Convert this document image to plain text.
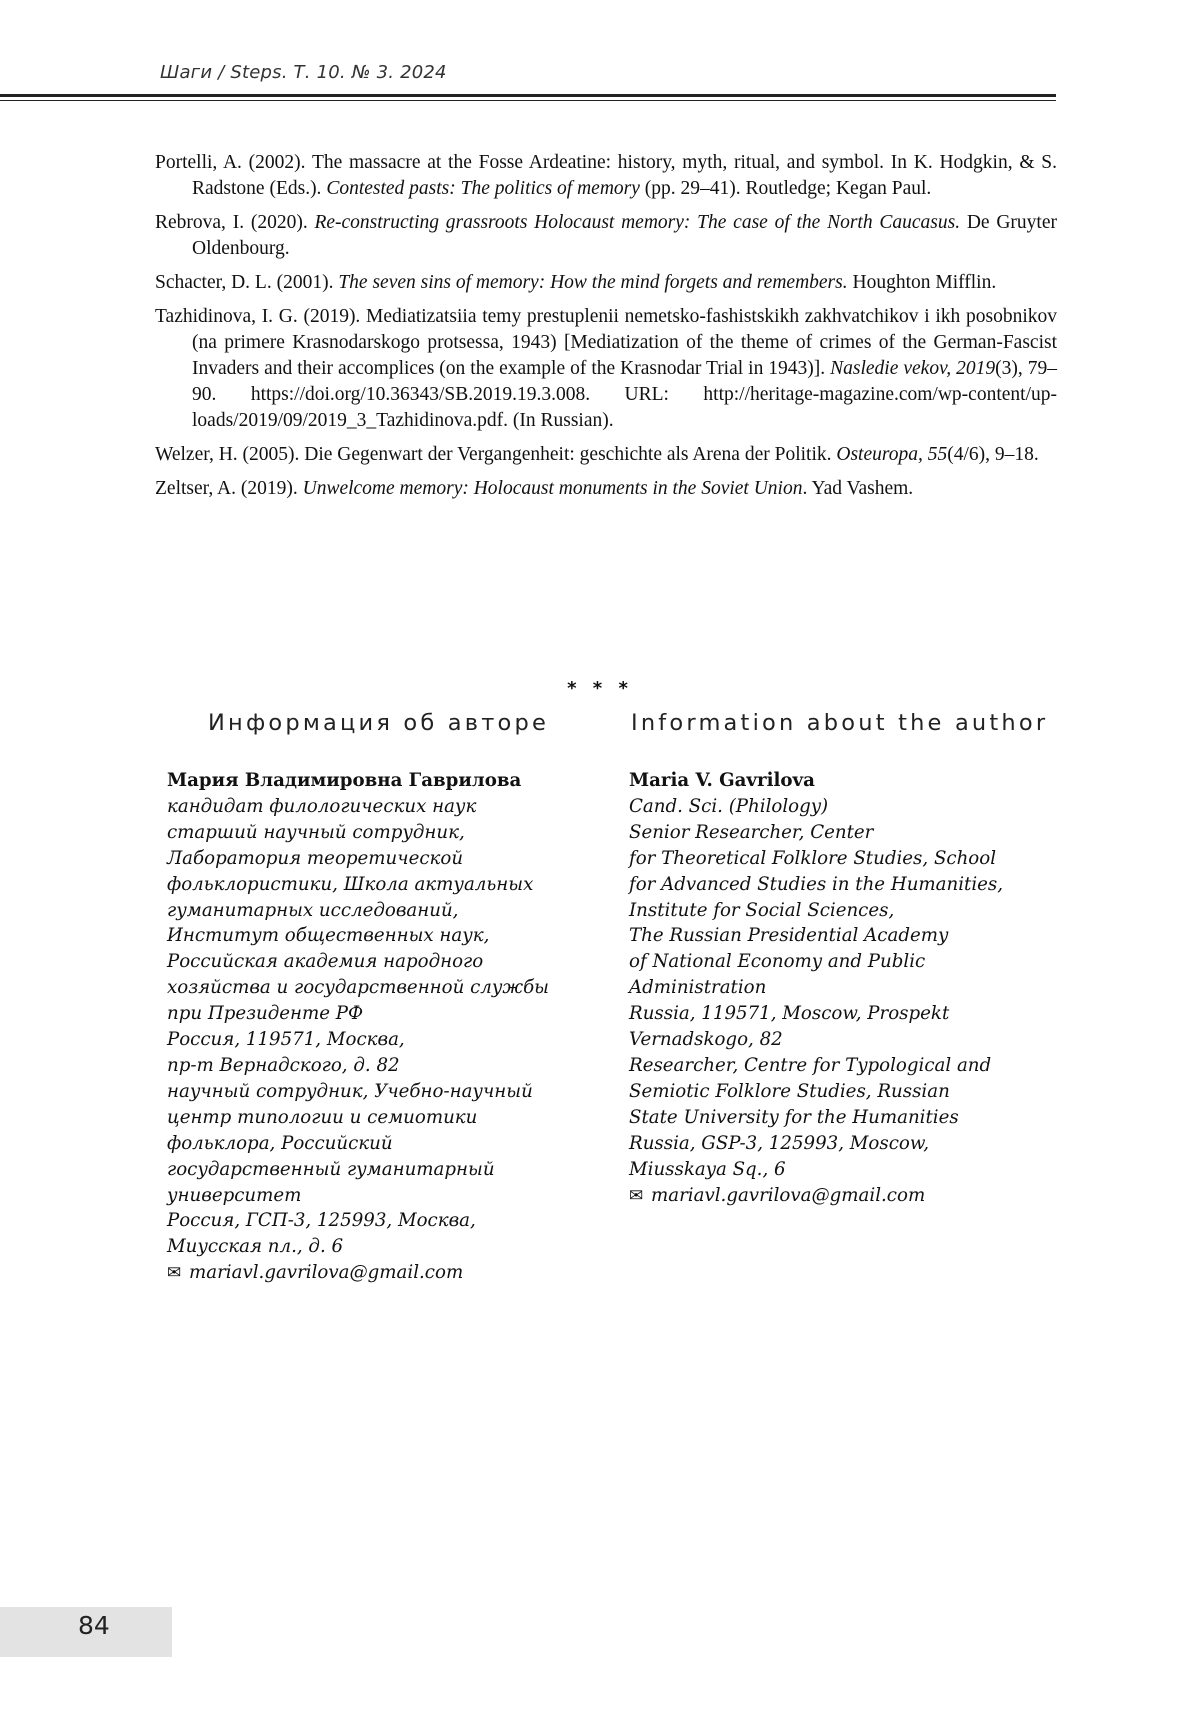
Шаги / Steps. Т. 10. № 3. 2024
Portelli, A. (2002). The massacre at the Fosse Ardeatine: history, myth, ritual, and symbol. In K. Hodgkin, & S. Radstone (Eds.). Contested pasts: The politics of memory (pp. 29–41). Routledge; Kegan Paul.
Rebrova, I. (2020). Re-constructing grassroots Holocaust memory: The case of the North Caucasus. De Gruyter Oldenbourg.
Schacter, D. L. (2001). The seven sins of memory: How the mind forgets and remembers. Houghton Mifflin.
Tazhidinova, I. G. (2019). Mediatizatsiia temy prestuplenii nemetsko-fashistskikh zakhvatchikov i ikh posobnikov (na primere Krasnodarskogo protsessa, 1943) [Mediatization of the theme of crimes of the German-Fascist Invaders and their accomplices (on the example of the Krasnodar Trial in 1943)]. Nasledie vekov, 2019(3), 79–90. https://​doi.org/10.36343/SB.2019.19.3.008. URL: http://heritage-magazine.com/wp-content/uploads/2019/09/2019_3_Tazhidinova.pdf. (In Russian).
Welzer, H. (2005). Die Gegenwart der Vergangenheit: geschichte als Arena der Politik. Osteuropa, 55(4/6), 9–18.
Zeltser, A. (2019). Unwelcome memory: Holocaust monuments in the Soviet Union. Yad Vashem.
* * *
Информация об авторе	Information about the author
Мария Владимировна Гаврилова
кандидат филологических наук
старший научный сотрудник,
Лаборатория теоретической
фольклористики, Школа актуальных
гуманитарных исследований,
Институт общественных наук,
Российская академия народного
хозяйства и государственной службы
при Президенте РФ
Россия, 119571, Москва,
пр-т Вернадского, д. 82
научный сотрудник, Учебно-научный
центр типологии и семиотики
фольклора, Российский
государственный гуманитарный
университет
Россия, ГСП-3, 125993, Москва,
Миусская пл., д. 6
✉ mariavl.gavrilova@gmail.com
Maria V. Gavrilova
Cand. Sci. (Philology)
Senior Researcher, Center
for Theoretical Folklore Studies, School
for Advanced Studies in the Humanities,
Institute for Social Sciences,
The Russian Presidential Academy
of National Economy and Public
Administration
Russia, 119571, Moscow, Prospekt
Vernadskogo, 82
Researcher, Centre for Typological and
Semiotic Folklore Studies, Russian
State University for the Humanities
Russia, GSP-3, 125993, Moscow,
Miusskaya Sq., 6
✉ mariavl.gavrilova@gmail.com
84
